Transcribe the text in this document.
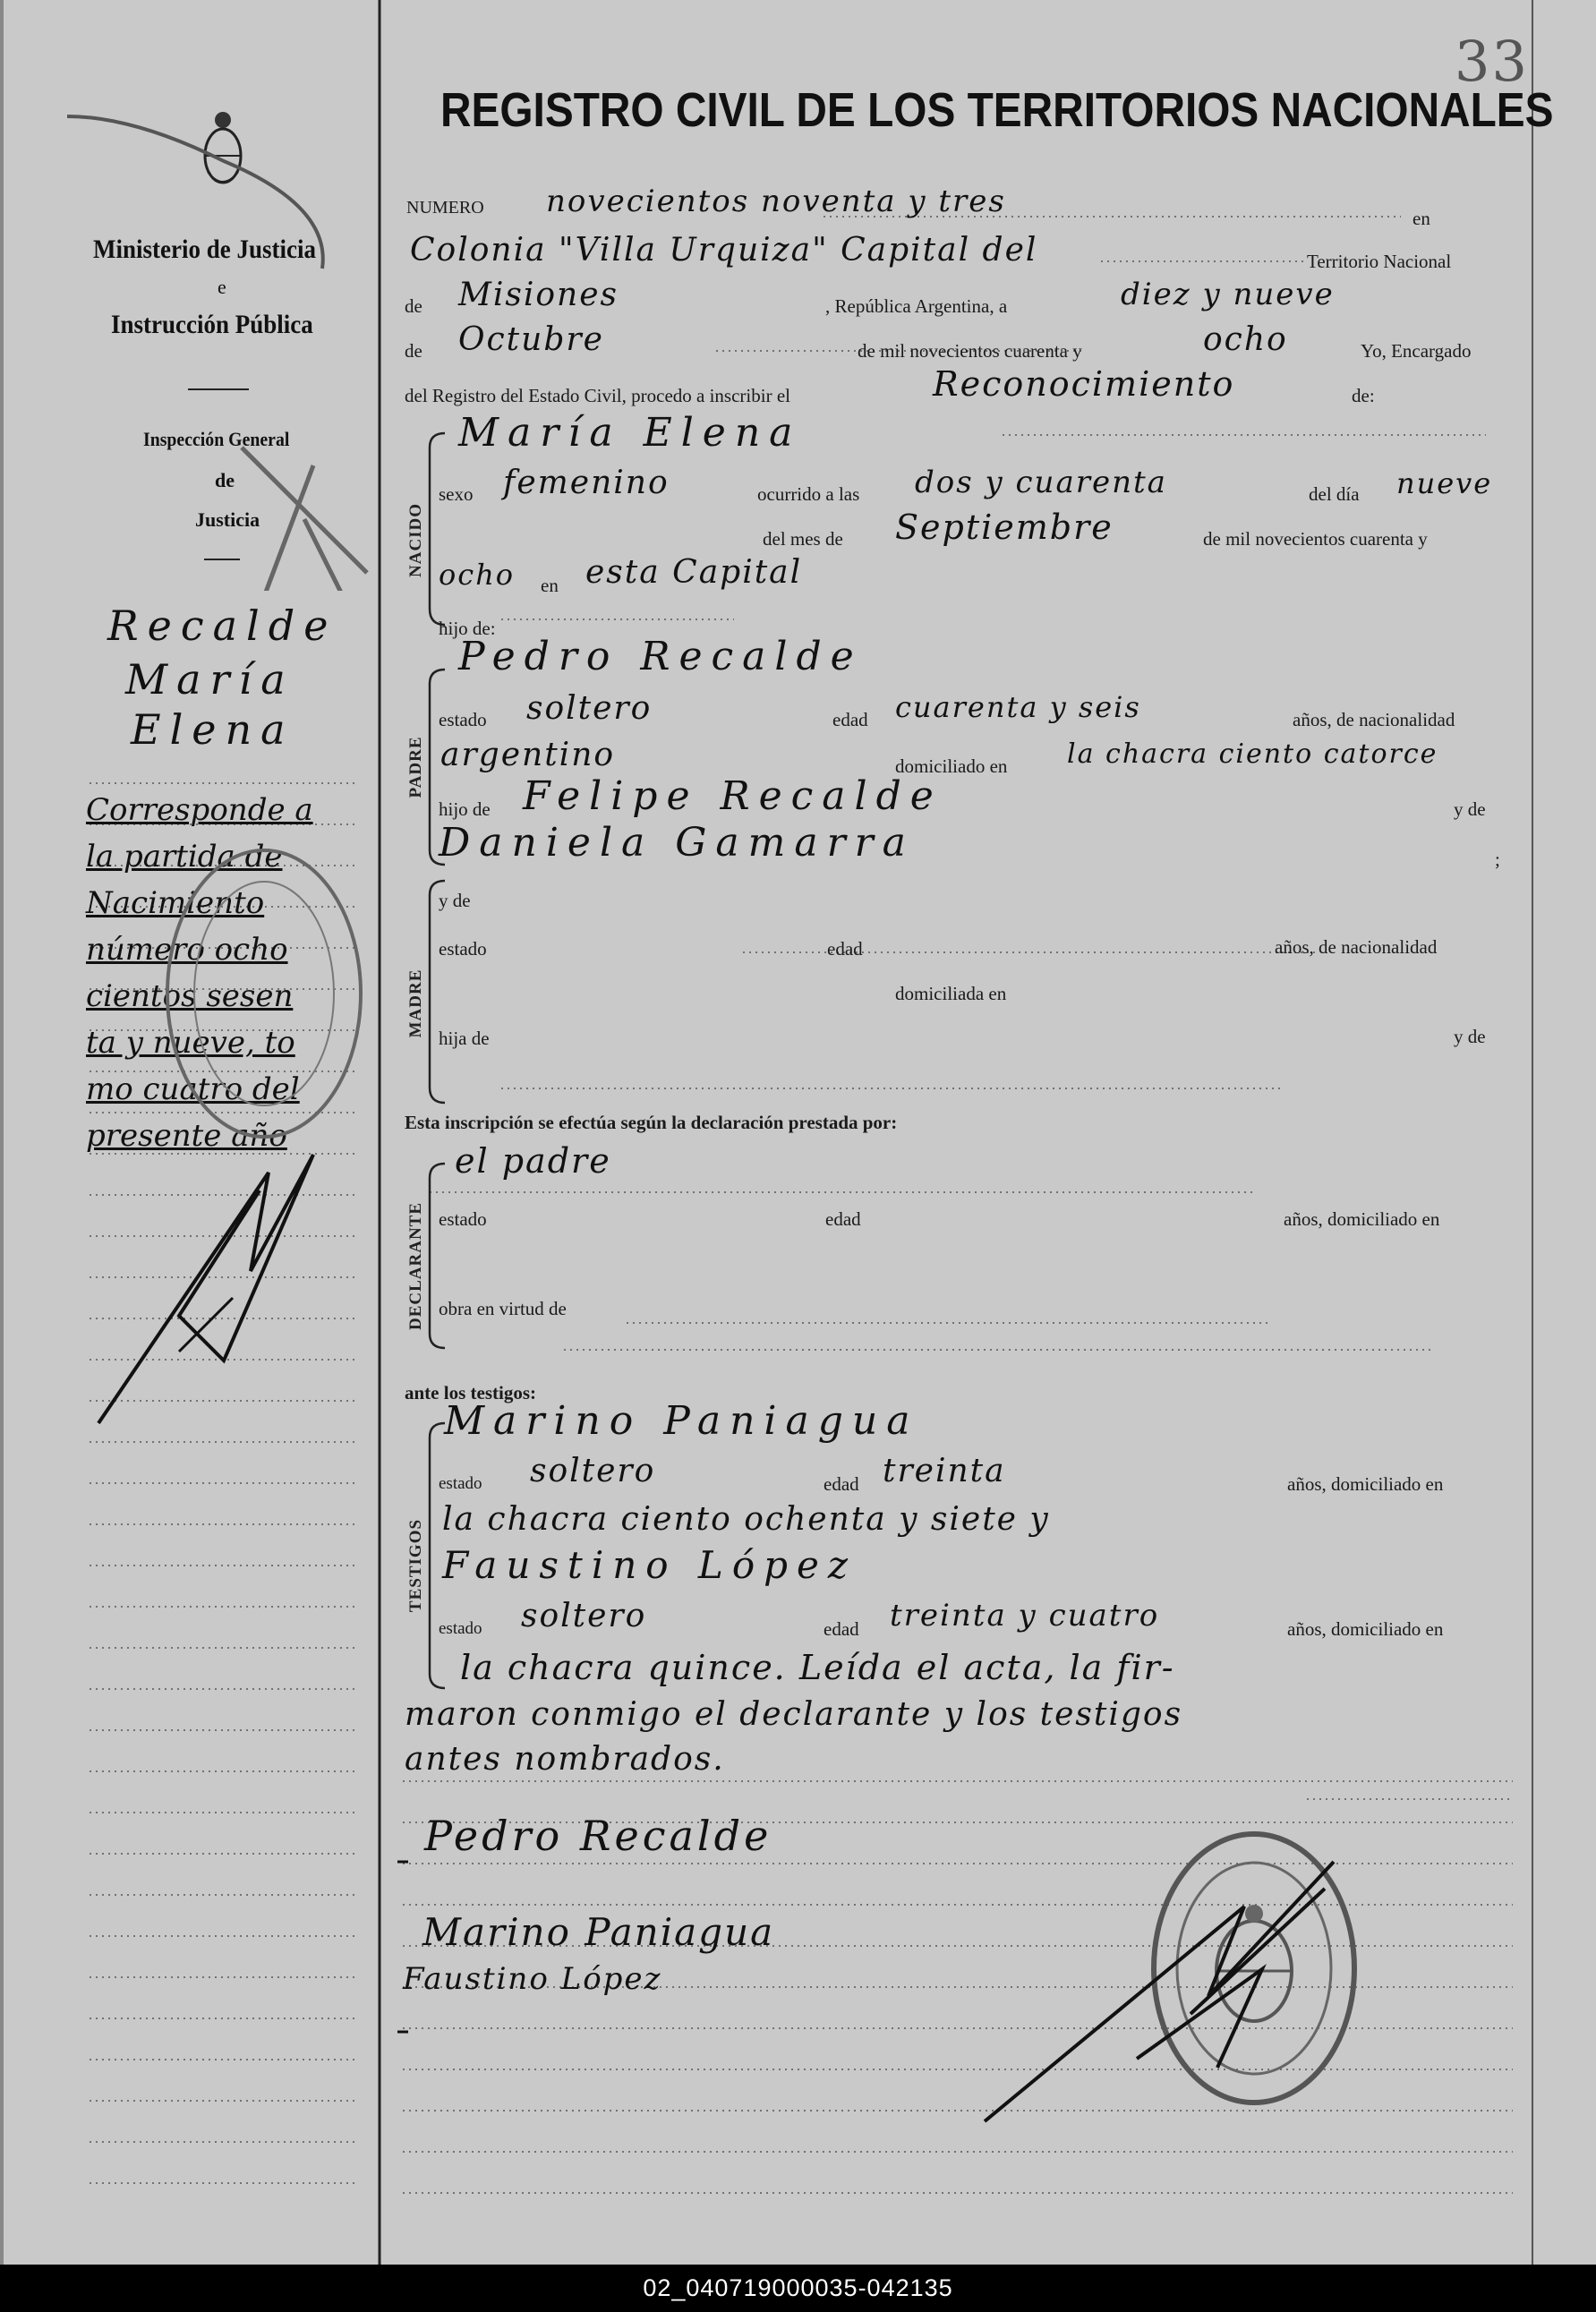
33
REGISTRO CIVIL DE LOS TERRITORIOS NACIONALES
Ministerio de Justicia
e
Instrucción Pública
Inspección General
de
Justicia
Recalde
María
Elena
Corresponde a
la partida de
Nacimiento
número ocho
cientos sesen
ta y nueve, to
mo cuatro del
presente año
NUMERO novecientos noventa y tres	en
Colonia "Villa Urquiza" Capital del	Territorio Nacional
de Misiones	, República Argentina, a	diez y nueve
de Octubre	de mil novecientos cuarenta y	ocho	Yo, Encargado
del Registro del Estado Civil, procedo a inscribir el	Reconocimiento	de:
NACIDO
María Elena
sexo femenino	ocurrido a las dos y cuarenta	del día nueve
del mes de Septiembre	de mil novecientos cuarenta y
ocho en esta Capital
hijo de:
PADRE
Pedro Recalde
estado soltero	edad cuarenta y seis	años, de nacionalidad
argentino	domiciliado en la chacra ciento catorce
hijo de Felipe Recalde	y de
Daniela Gamarra	;
MADRE
y de
estado	edad	años, de nacionalidad
domiciliada en
hija de	y de
Esta inscripción se efectúa según la declaración prestada por:
DECLARANTE
el padre
estado	edad	años, domiciliado en
obra en virtud de
ante los testigos:
TESTIGOS
Marino Paniagua
estado soltero	edad treinta	años, domiciliado en
la chacra ciento ochenta y siete y
Faustino López
estado soltero	edad treinta y cuatro	años, domiciliado en
la chacra quince. Leída el acta, la fir-
maron conmigo el declarante y los testigos
antes nombrados.
Pedro Recalde
Marino Paniagua
Faustino López
02_040719000035-042135
